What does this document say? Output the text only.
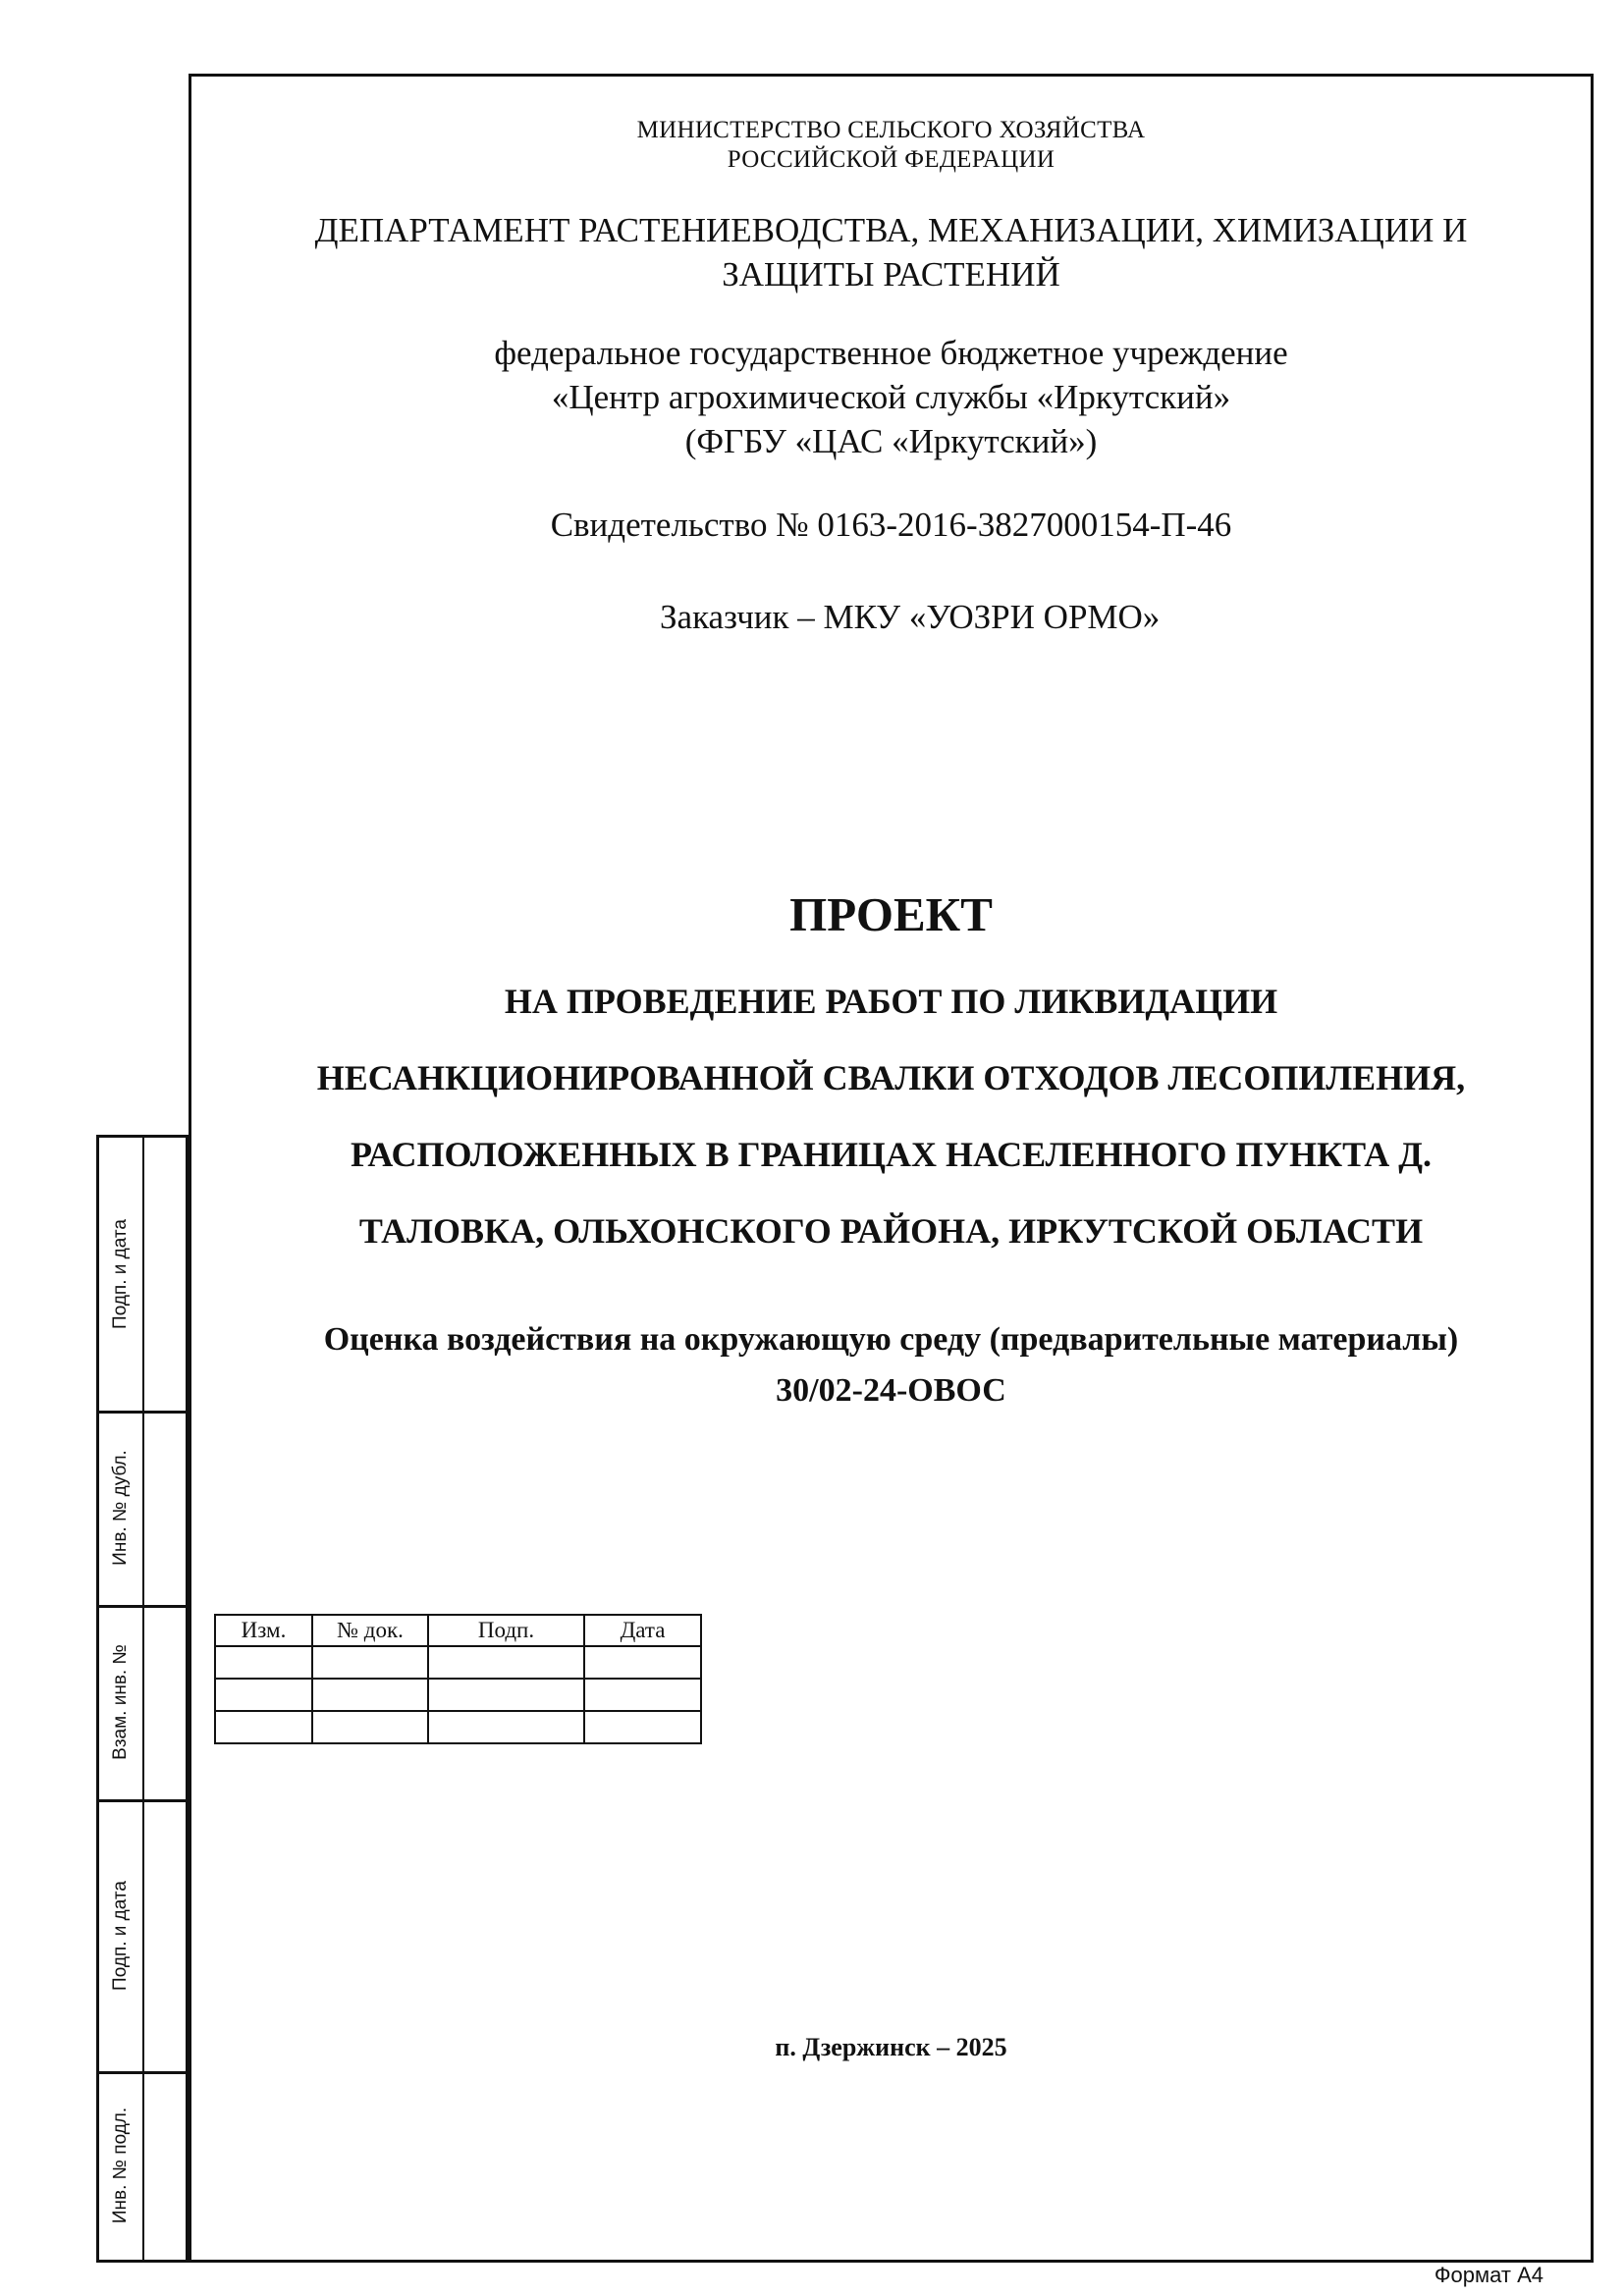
МИНИСТЕРСТВО СЕЛЬСКОГО ХОЗЯЙСТВА
РОССИЙСКОЙ ФЕДЕРАЦИИ
ДЕПАРТАМЕНТ РАСТЕНИЕВОДСТВА, МЕХАНИЗАЦИИ, ХИМИЗАЦИИ И
ЗАЩИТЫ РАСТЕНИЙ
федеральное государственное бюджетное учреждение
«Центр агрохимической службы «Иркутский»
(ФГБУ «ЦАС «Иркутский»)
Свидетельство № 0163-2016-3827000154-П-46
Заказчик – МКУ «УОЗРИ ОРМО»
ПРОЕКТ
НА ПРОВЕДЕНИЕ РАБОТ ПО ЛИКВИДАЦИИ
НЕСАНКЦИОНИРОВАННОЙ СВАЛКИ ОТХОДОВ ЛЕСОПИЛЕНИЯ,
РАСПОЛОЖЕННЫХ В ГРАНИЦАХ НАСЕЛЕННОГО ПУНКТА Д.
ТАЛОВКА, ОЛЬХОНСКОГО РАЙОНА, ИРКУТСКОЙ ОБЛАСТИ
Оценка воздействия на окружающую среду (предварительные материалы)
30/02-24-ОВОС
Изм.	№ док.	Подп.	Дата

Подп. и дата
Инв. № дубл.
Взам. инв. №
Подп. и дата
Инв. № подл.
п. Дзержинск – 2025
Формат А4
